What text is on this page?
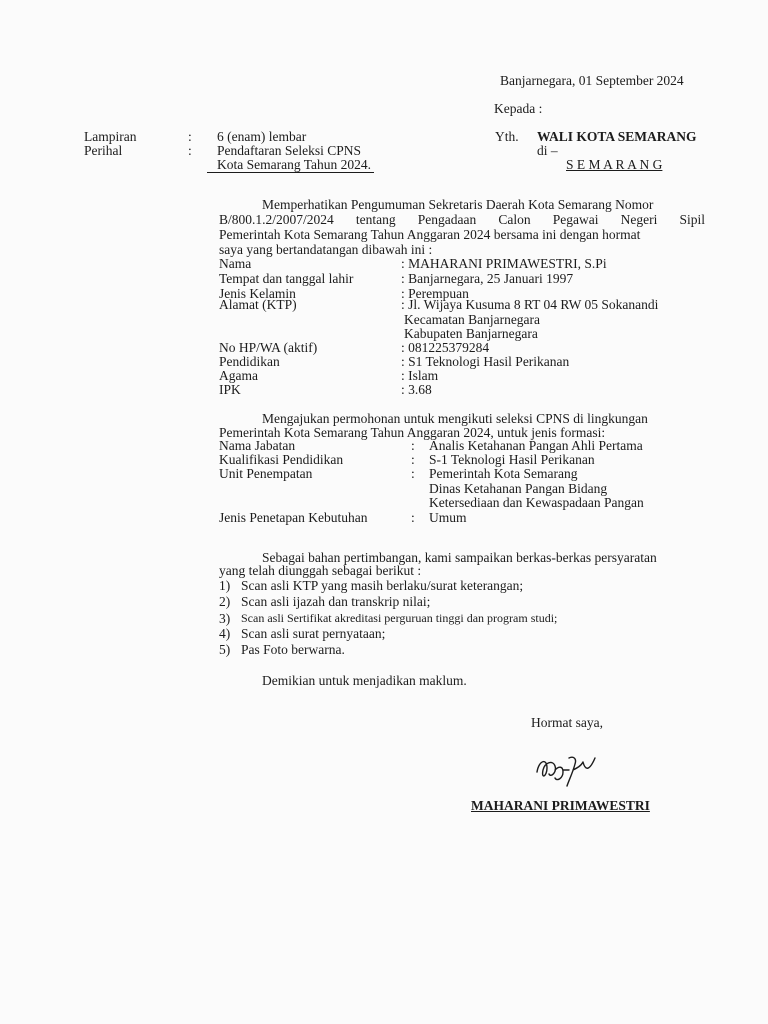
Banjarnegara, 01 September 2024
Kepada :
Yth. WALI KOTA SEMARANG
di –
S E M A R A N G
Lampiran	: 6 (enam) lembar
Perihal	: Pendaftaran Seleksi CPNS
Kota Semarang Tahun 2024.
Memperhatikan Pengumuman Sekretaris Daerah Kota Semarang Nomor
B/800.1.2/2007/2024 tentang Pengadaan Calon Pegawai Negeri Sipil
Pemerintah Kota Semarang Tahun Anggaran 2024 bersama ini dengan hormat
saya yang bertandatangan dibawah ini :
Nama	: MAHARANI PRIMAWESTRI, S.Pi
Tempat dan tanggal lahir	: Banjarnegara, 25 Januari 1997
Jenis Kelamin	: Perempuan
Alamat (KTP)	: Jl. Wijaya Kusuma 8 RT 04 RW 05 Sokanandi
Kecamatan Banjarnegara
Kabupaten Banjarnegara
No HP/WA (aktif)	: 081225379284
Pendidikan	: S1 Teknologi Hasil Perikanan
Agama	: Islam
IPK	: 3.68
Mengajukan permohonan untuk mengikuti seleksi CPNS di lingkungan
Pemerintah Kota Semarang Tahun Anggaran 2024, untuk jenis formasi:
Nama Jabatan	: Analis Ketahanan Pangan Ahli Pertama
Kualifikasi Pendidikan	: S-1 Teknologi Hasil Perikanan
Unit Penempatan	: Pemerintah Kota Semarang
Dinas Ketahanan Pangan Bidang
Ketersediaan dan Kewaspadaan Pangan
Jenis Penetapan Kebutuhan	: Umum
Sebagai bahan pertimbangan, kami sampaikan berkas-berkas persyaratan
yang telah diunggah sebagai berikut :
1) Scan asli KTP yang masih berlaku/surat keterangan;
2) Scan asli ijazah dan transkrip nilai;
3) Scan asli Sertifikat akreditasi perguruan tinggi dan program studi;
4) Scan asli surat pernyataan;
5) Pas Foto berwarna.
Demikian untuk menjadikan maklum.
Hormat saya,
MAHARANI PRIMAWESTRI
